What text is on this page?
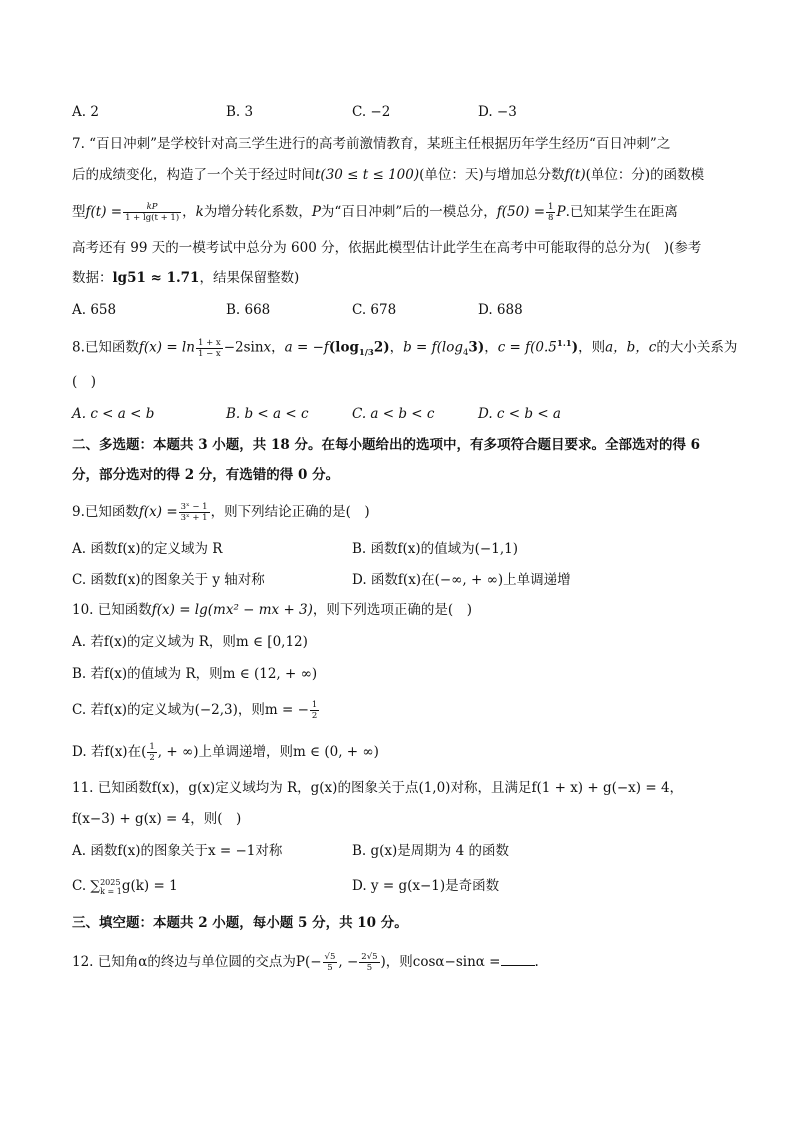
A. 2	B. 3	C. −2	D. −3
7. “百日冲刺”是学校针对高三学生进行的高考前激情教育，某班主任根据历年学生经历“百日冲刺”之
后的成绩变化，构造了一个关于经过时间t(30 ≤ t ≤ 100)(单位：天)与增加总分数f(t)(单位：分)的函数模
型$f(t) = \frac{kP}{1 + \lg(t + 1)}$ ，k为增分转化系数，P为“百日冲刺”后的一模总分，$f(50) = \frac{1}{8} P$.已知某学生在距离
高考还有 99 天的一模考试中总分为 600 分，依据此模型估计此学生在高考中可能取得的总分为(　)(参考
数据：lg51 ≈ 1.71，结果保留整数)
A. 658	B. 668	C. 678	D. 688
8.已知函数$f(x) = \ln \frac{1 + x}{1 - x} -2\sin x$，$a = -f(\log_{1/3}2)$，$b = f(\log_43)$，$c = f(0.5^{1.1})$，则a，b，c的大小关系为
(　)
A. c < a < b	B. b < a < c	C. a < b < c	D. c < b < a
二、多选题：本题共 3 小题，共 18 分。在每小题给出的选项中，有多项符合题目要求。全部选对的得 6
分，部分选对的得 2 分，有选错的得 0 分。
9.已知函数$f(x) = \frac{\text{3ˣ − 1}}{\text{3ˣ + 1}}$ ，则下列结论正确的是(　)
A. 函数f(x)的定义域为 R	B. 函数f(x)的值域为(−1,1)
C. 函数f(x)的图象关于 y 轴对称	D. 函数f(x)在(−∞, + ∞)上单调递增
10. 已知函数f(x) = lg(mx² − mx + 3)，则下列选项正确的是(　)
A. 若f(x)的定义域为 R，则m ∈ [0,12)
B. 若f(x)的值域为 R，则m ∈ (12, + ∞)
C. 若f(x)的定义域为(−2,3)，则m = − $\frac{1}{2}$
D. 若f(x)在( $\frac{1}{2}$ , + ∞)上单调递增，则m ∈ (0, + ∞)
11. 已知函数f(x)，g(x)定义域均为 R，g(x)的图象关于点(1,0)对称，且满足f(1 + x) + g(−x) = 4，
f(x−3) + g(x) = 4，则(　)
A. 函数f(x)的图象关于x = −1对称	B. g(x)是周期为 4 的函数
C. ∑ 2025
k = 1 g(k) = 1	D. y = g(x−1)是奇函数
三、填空题：本题共 2 小题，每小题 5 分，共 10 分。
12. 已知角α的终边与单位圆的交点为$P(- \frac{√5}{5}$ , − $\frac{2√5}{5}$ )，则cosα−sinα =	.
